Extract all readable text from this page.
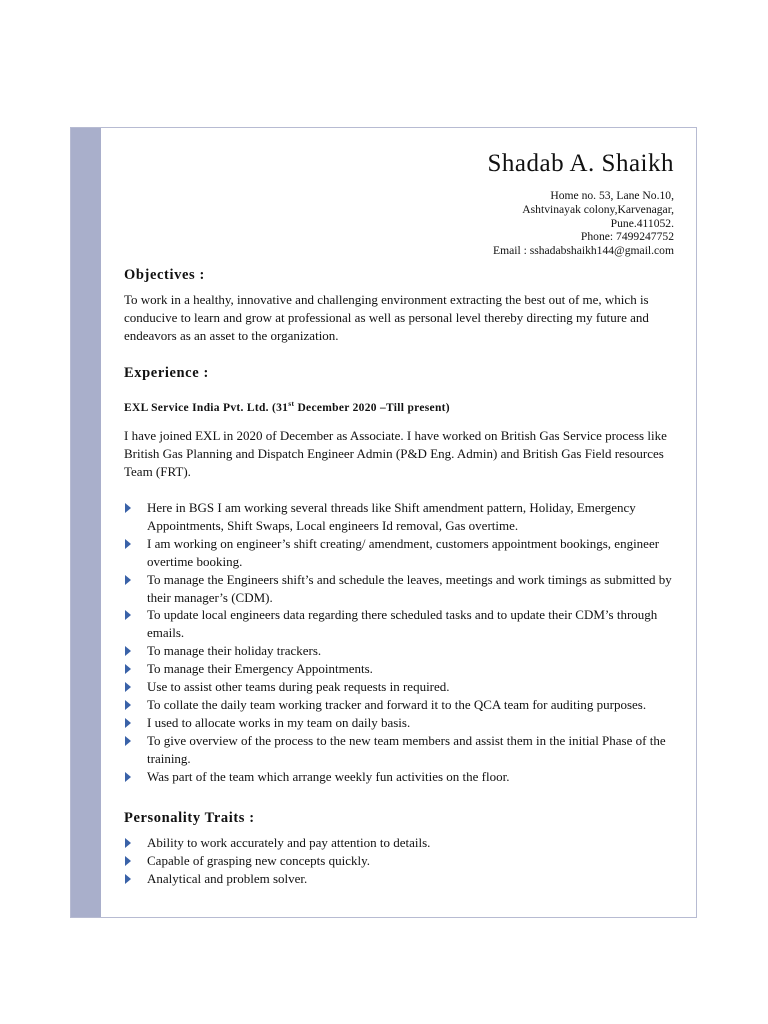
Shadab A. Shaikh
Home no. 53, Lane No.10,
Ashtvinayak colony,Karvenagar,
Pune.411052.
Phone: 7499247752
Email : sshadabshaikh144@gmail.com
Objectives :
To work in a healthy, innovative and challenging environment extracting the best out of me, which is conducive to learn and grow at professional as well as personal level thereby directing my future and endeavors as an asset to the organization.
Experience :
EXL Service India Pvt. Ltd. (31st December 2020 –Till present)
I have joined EXL in 2020 of December as Associate. I have worked on British Gas Service process like British Gas Planning and Dispatch Engineer Admin (P&D Eng. Admin) and British Gas Field resources Team (FRT).
Here in BGS I am working several threads like Shift amendment pattern, Holiday, Emergency Appointments, Shift Swaps, Local engineers Id removal, Gas overtime.
I am working on engineer’s shift creating/ amendment, customers appointment bookings, engineer overtime booking.
To manage the Engineers shift’s and schedule the leaves, meetings and work timings as submitted by their manager’s (CDM).
To update local engineers data regarding there scheduled tasks and to update their CDM’s through emails.
To manage their holiday trackers.
To manage their Emergency Appointments.
Use to assist other teams during peak requests in required.
To collate the daily team working tracker and forward it to the QCA team for auditing purposes.
I used to allocate works in my team on daily basis.
To give overview of the process to the new team members and assist them in the initial Phase of the training.
Was part of the team which arrange weekly fun activities on the floor.
Personality Traits :
Ability to work accurately and pay attention to details.
Capable of grasping new concepts quickly.
Analytical and problem solver.
